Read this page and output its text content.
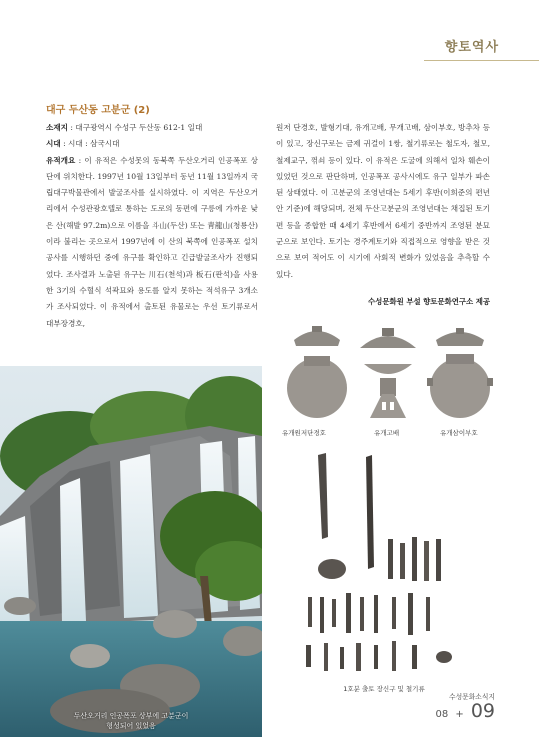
향토역사
대구 두산동 고분군 (2)

소재지 : 대구광역시 수성구 두산동 612-1 일대

시대 : 시대 : 삼국시대

유적개요 : 이 유적은 수성못의 동북쪽 두산오거리 인공폭포 상단에 위치한다. 1997년 10월 13일부터 동년 11월 13일까지 국립대구박물관에서 발굴조사를 실시하였다. 이 지역은 두산오거리에서 수성관광호텔로 통하는 도로의 동편에 구릉에 가까운 낮은 산(해발 97.2m)으로 이름을 斗山(두산) 또는 靑龍山(청룡산)이라 불리는 곳으로서 1997년에 이 산의 북쪽에 인공폭포 설치공사를 시행하던 중에 유구를 확인하고 긴급발굴조사가 진행되었다. 조사결과 노출된 유구는 川石(천석)과 板石(판석)을 사용한 3기의 수혈식 석곽묘와 용도를 알지 못하는 적석유구 3개소가 조사되었다. 이 유적에서 출토된 유물로는 우선 토기류로서 대부장경호,

원저 단경호, 발형기대, 유개고배, 무개고배, 삼이부호, 방추차 등이 있고, 장신구로는 금제 귀걸이 1쌍, 철기류로는 철도자, 철모, 철제교구, 꺾쇠 등이 있다. 이 유적은 도굴에 의해서 일차 훼손이 있었던 것으로 판단하며, 인공폭포 공사시에도 유구 일부가 파손된 상태였다. 이 고분군의 조영년대는 5세기 후반(이희준의 편년안 기준)에 해당되며, 전체 두산고분군의 조영년대는 채집된 토기편 등을 종합한 때 4세기 후반에서 6세기 중반까지 조영된 분묘군으로 보인다. 토기는 경주계토기와 직접적으로 영향을 받은 것으로 보여 적어도 이 시기에 사회적 변화가 있었음을 추측할 수 있다.

수성문화원 부설 향토문화연구소 제공
두산오거리 인공폭포 상부에 고분군이
형성되어 있었음
유개원저단경호	유개고배	유개삼이부호
1호분 출토 장신구 및 철기류
수성문화소식지
08 + 09
